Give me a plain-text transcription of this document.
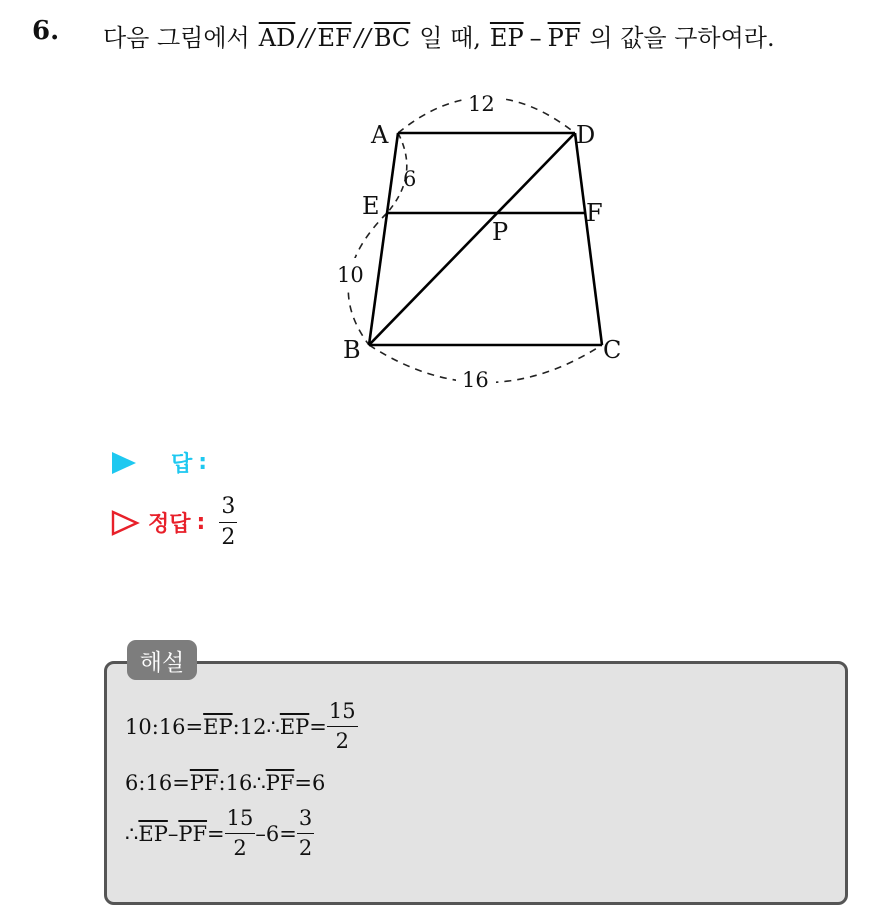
6. 다음 그림에서 $\overline{AD} // \overline{EF} // \overline{BC}$ 일 때, $\overline{EP} - \overline{PF}$ 의 값을 구하여라.
A	D
E	F
P
B	C
12
6
10
16
답 :
정답 : $\frac{3}{2}$
해설
10 : $16 = \overline{EP}$ : 12 ∴ $\overline{EP} = \frac{15}{2}$
6 : $16 = \overline{PF}$ : 16 ∴ $\overline{PF} = 6$
∴ $\overline{EP} - \overline{PF} = \frac{15}{2} - 6 = \frac{3}{2}$
